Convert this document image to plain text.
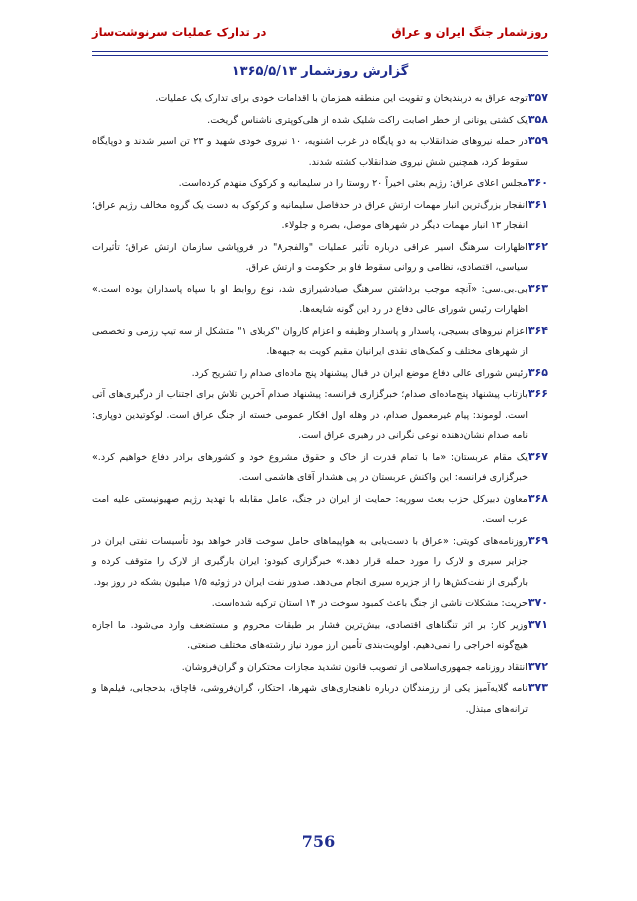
روزشمار جنگ ایران و عراق
در تدارک عملیات سرنوشت‌ساز
گزارش روزشمار ۱۳۶۵/۵/۱۳

۳۵۷توجه عراق به دربندیخان و تقویت این منطقه همزمان با اقدامات خودی برای تدارک یک عملیات.

۳۵۸یک کشتی یونانی از خطر اصابت راکت شلیک شده از هلی‌کوپتری ناشناس گریخت.

۳۵۹در حمله نیروهای ضدانقلاب به دو پایگاه در غرب اشنویه، ۱۰ نیروی خودی شهید و ۲۳ تن اسیر شدند و دوپایگاه سقوط کرد، همچنین شش نیروی ضدانقلاب کشته شدند.

۳۶۰مجلس اعلای عراق: رژیم بعثی اخیراً ۲۰ روستا را در سلیمانیه و کرکوک منهدم کرده‌است.

۳۶۱انفجار بزرگ‌ترین انبار مهمات ارتش عراق در حدفاصل سلیمانیه و کرکوک به دست یک گروه مخالف رژیم عراق؛ انفجار ۱۳ انبار مهمات دیگر در شهرهای موصل، بصره و جلولاء.

۳۶۲اظهارات سرهنگ اسیر عراقی درباره تأثیر عملیات "والفجر۸" در فروپاشی سازمان ارتش عراق؛ تأثیرات سیاسی، اقتصادی، نظامی و روانی سقوط فاو بر حکومت و ارتش عراق.

۳۶۳بی.بی.سی: «آنچه موجب برداشتن سرهنگ صیادشیرازی شد، نوع روابط او با سپاه پاسداران بوده است.» اظهارات رئیس شورای عالی دفاع در رد این گونه شایعه‌ها.

۳۶۴اعزام نیروهای بسیجی، پاسدار و پاسدار وظیفه و اعزام کاروان "کربلای ۱" متشکل از سه تیپ رزمی و تخصصی از شهرهای مختلف و کمک‌های نقدی ایرانیان مقیم کویت به جبهه‌ها.

۳۶۵رئیس شورای عالی دفاع موضع ایران در قبال پیشنهاد پنج ماده‌ای صدام را تشریح کرد.

۳۶۶بازتاب پیشنهاد پنج‌ماده‌ای صدام؛ خبرگزاری فرانسه: پیشنهاد صدام آخرین تلاش برای اجتناب از درگیری‌های آتی است. لوموند: پیام غیرمعمول صدام، در وهله اول افکار عمومی خسته از جنگ عراق است. لوکوتیدین دوپاری: نامه صدام نشان‌دهنده نوعی نگرانی در رهبری عراق است.

۳۶۷یک مقام عربستان: «ما با تمام قدرت از خاک و حقوق مشروع خود و کشورهای برادر دفاع خواهیم کرد.» خبرگزاری فرانسه: این واکنش عربستان در پی هشدار آقای هاشمی است.

۳۶۸معاون دبیرکل حزب بعث سوریه: حمایت از ایران در جنگ، عامل مقابله با تهدید رژیم صهیونیستی علیه امت عرب است.

۳۶۹روزنامه‌های کویتی: «عراق با دست‌یابی به هواپیماهای حامل سوخت قادر خواهد بود تأسیسات نفتی ایران در جزایر سیری و لارک را مورد حمله قرار دهد.» خبرگزاری کیودو: ایران بارگیری از لارک را متوقف کرده و بارگیری از نفت‌کش‌ها را از جزیره سیری انجام می‌دهد. صدور نفت ایران در ژوئیه ۱/۵ میلیون بشکه در روز بود.

۳۷۰حریت: مشکلات ناشی از جنگ باعث کمبود سوخت در ۱۴ استان ترکیه شده‌است.

۳۷۱وزیر کار: بر اثر تنگناهای اقتصادی، بیش‌ترین فشار بر طبقات محروم و مستضعف وارد می‌شود. ما اجازه هیچ‌گونه اخراجی را نمی‌دهیم. اولویت‌بندی تأمین ارز مورد نیاز رشته‌های مختلف صنعتی.

۳۷۲انتقاد روزنامه جمهوری‌اسلامی از تصویب قانون تشدید مجازات محتکران و گران‌فروشان.

۳۷۳نامه گلایه‌آمیز یکی از رزمندگان درباره ناهنجاری‌های شهرها، احتکار، گران‌فروشی، قاچاق، بدحجابی، فیلم‌ها و ترانه‌های مبتذل.

756
